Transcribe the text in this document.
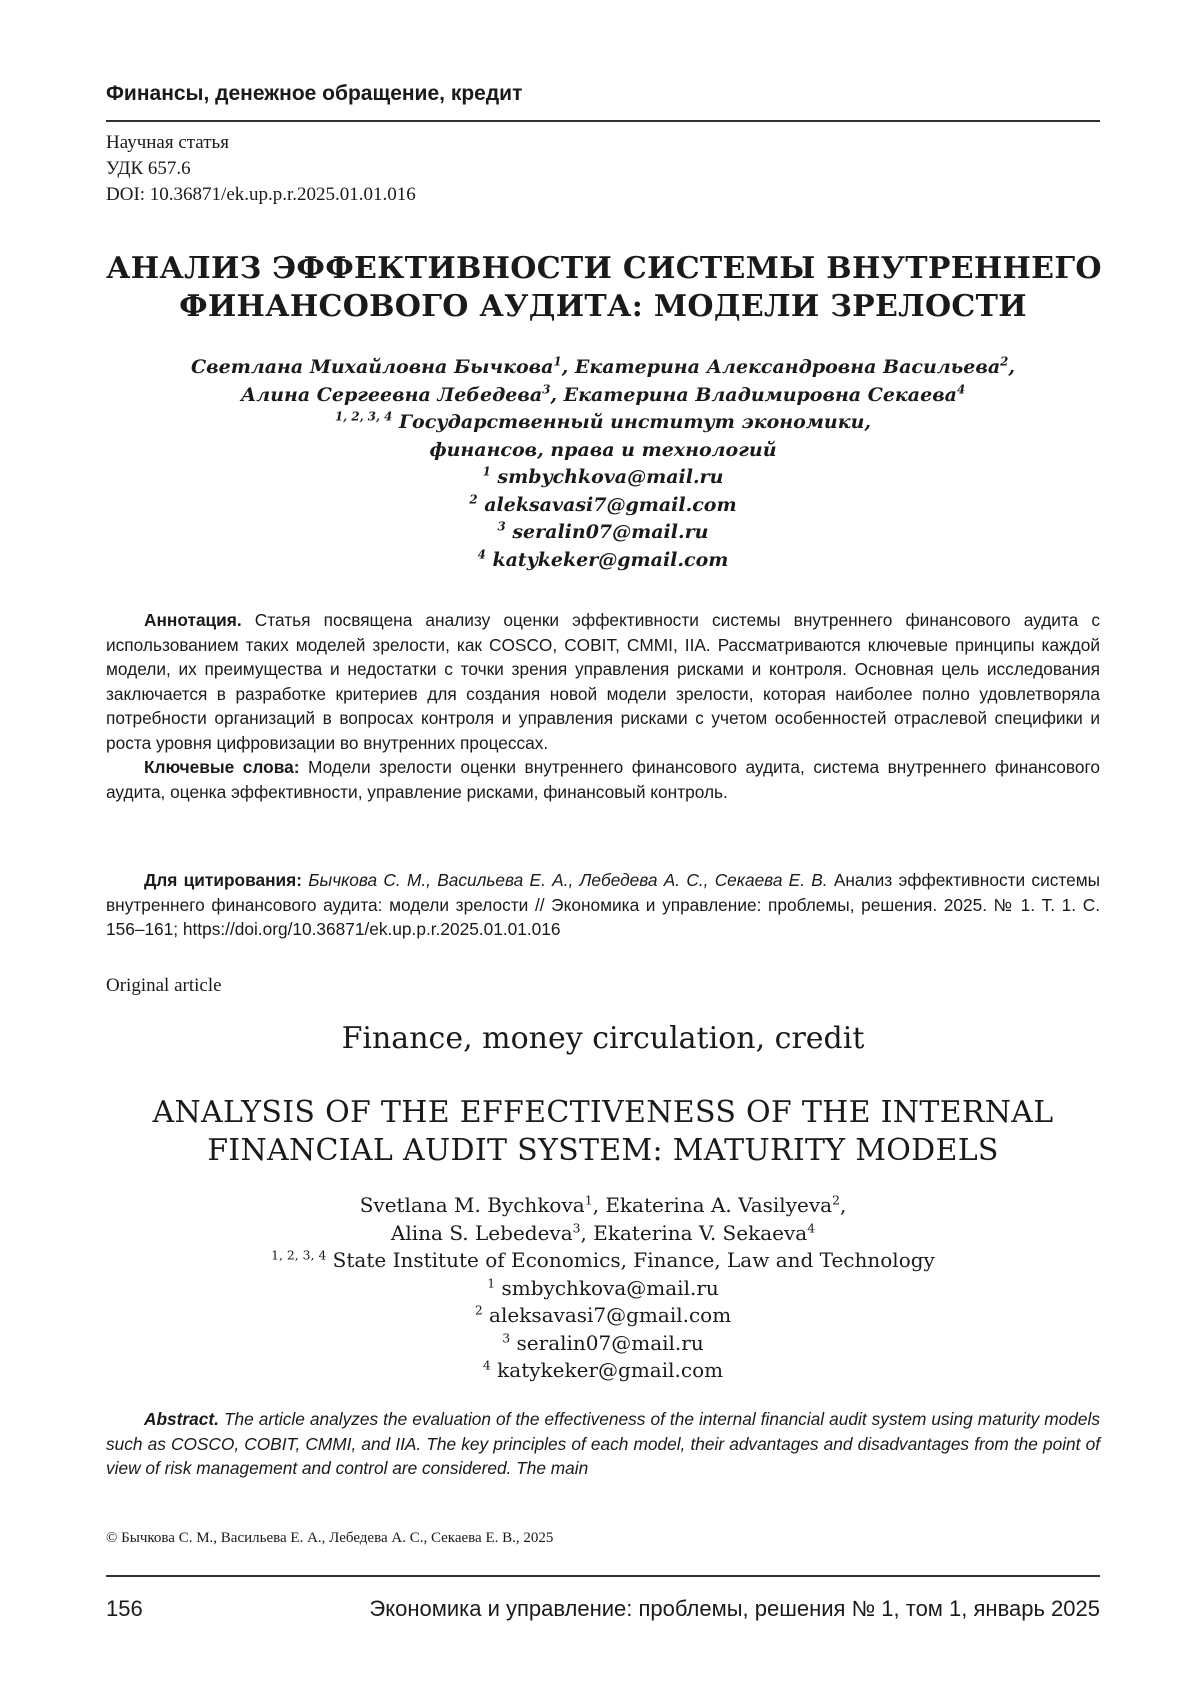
Финансы, денежное обращение, кредит
Научная статья
УДК 657.6
DOI: 10.36871/ek.up.p.r.2025.01.01.016
АНАЛИЗ ЭФФЕКТИВНОСТИ СИСТЕМЫ ВНУТРЕННЕГО
ФИНАНСОВОГО АУДИТА: МОДЕЛИ ЗРЕЛОСТИ
Светлана Михайловна Бычкова$^1$, Екатерина Александровна Васильева$^2$,
Алина Сергеевна Лебедева$^3$, Екатерина Владимировна Секаева$^4$
$^{1, 2, 3, 4}$ Государственный институт экономики,
финансов, права и технологий
$^1$ smbychkova@mail.ru
$^2$ aleksavasi7@gmail.com
$^3$ seralin07@mail.ru
$^4$ katykeker@gmail.com

Аннотация. Статья посвящена анализу оценки эффективности системы внутреннего финансового аудита с использованием таких моделей зрелости, как COSCO, COBIT, CMMI, IIA. Рассматриваются ключевые принципы каждой модели, их преимущества и недостатки с точки зрения управления рисками и контроля. Основная цель исследования заключается в разработке критериев для создания новой модели зрелости, которая наиболее полно удовлетворяла потребности организаций в вопросах контроля и управления рисками с учетом особенностей отраслевой специфики и роста уровня цифровизации во внутренних процессах.

Ключевые слова: Модели зрелости оценки внутреннего финансового аудита, система внутреннего финансового аудита, оценка эффективности, управление рисками, финансовый контроль.

Для цитирования: Бычкова С. М., Васильева Е. А., Лебедева А. С., Секаева Е. В. Анализ эффективности системы внутреннего финансового аудита: модели зрелости // Экономика и управление: проблемы, решения. 2025. № 1. Т. 1. С. 156–161; https://doi.org/10.36871/ek.up.p.r.2025.01.01.016

Original article
Finance, money circulation, credit
ANALYSIS OF THE EFFECTIVENESS OF THE INTERNAL
FINANCIAL AUDIT SYSTEM: MATURITY MODELS
Svetlana M. Bychkova$^1$, Ekaterina A. Vasilyeva$^2$,
Alina S. Lebedeva$^3$, Ekaterina V. Sekaeva$^4$
$^{1, 2, 3, 4}$ State Institute of Economics, Finance, Law and Technology
$^1$ smbychkova@mail.ru
$^2$ aleksavasi7@gmail.com
$^3$ seralin07@mail.ru
$^4$ katykeker@gmail.com

Abstract. The article analyzes the evaluation of the effectiveness of the internal financial audit system using maturity models such as COSCO, COBIT, CMMI, and IIA. The key principles of each model, their advantages and disadvantages from the point of view of risk management and control are considered. The main

© Бычкова С. М., Васильева Е. А., Лебедева А. С., Секаева Е. В., 2025
156	Экономика и управление: проблемы, решения № 1, том 1, январь 2025
